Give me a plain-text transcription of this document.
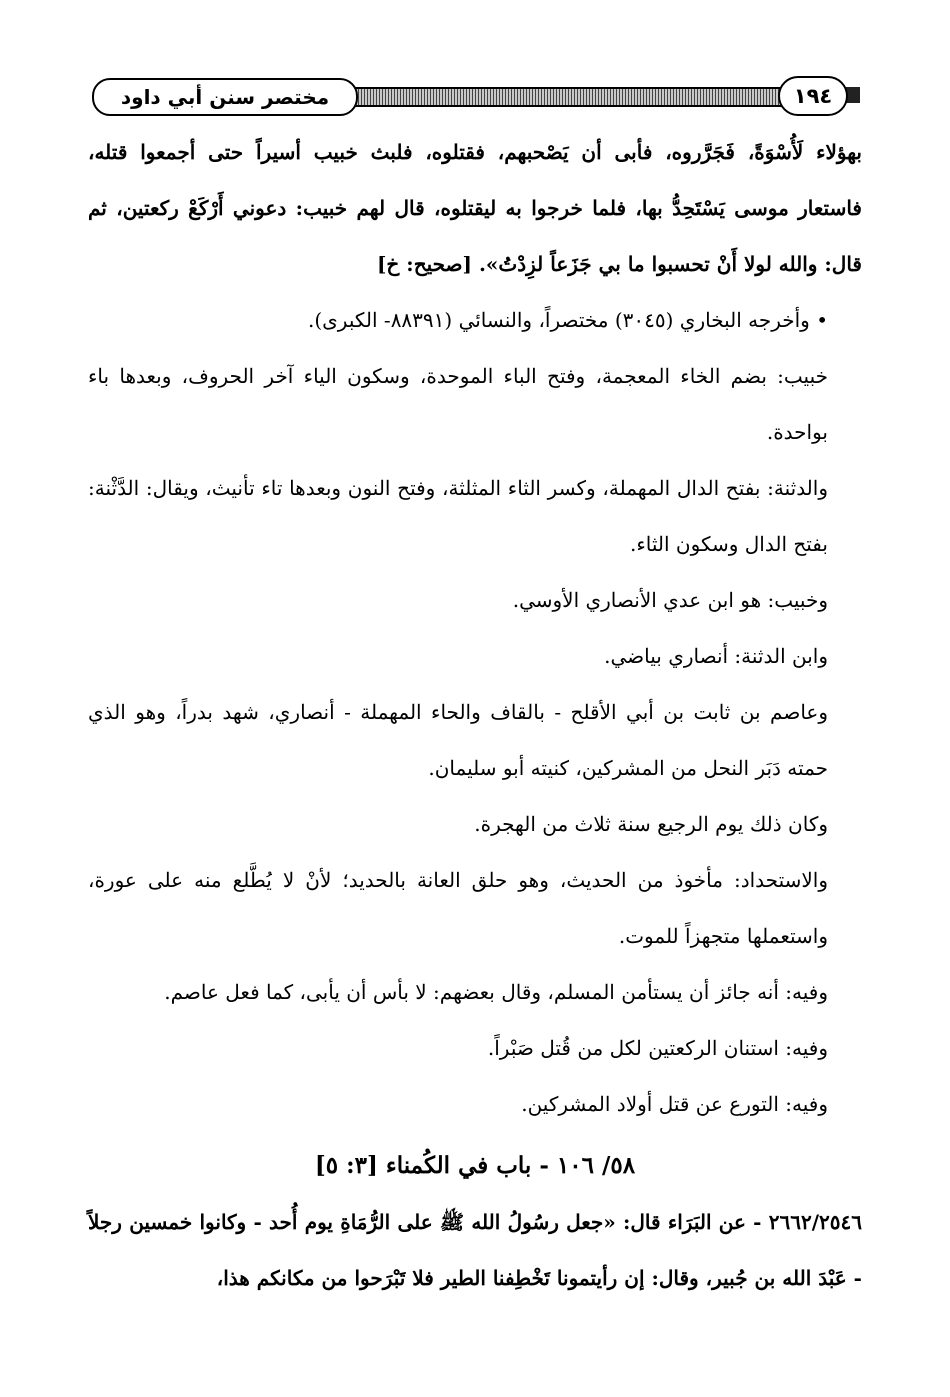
مختصر سنن أبي داود	١٩٤

بهؤلاء لَأُسْوَةً، فَجَرَّروه، فأبى أن يَصْحبهم، فقتلوه، فلبث خبيب أسيراً حتى أجمعوا قتله، فاستعار موسى يَسْتَحِدُّ بها، فلما خرجوا به ليقتلوه، قال لهم خبيب: دعوني أَرْكَعْ ركعتين، ثم قال: والله لولا أَنْ تحسبوا ما بي جَزَعاً لزِدْتُ». [صحيح: خ]

• وأخرجه البخاري (٣٠٤٥) مختصراً، والنسائي (٨٨٣٩١- الكبرى).

خبيب: بضم الخاء المعجمة، وفتح الباء الموحدة، وسكون الياء آخر الحروف، وبعدها باء بواحدة.

والدثنة: بفتح الدال المهملة، وكسر الثاء المثلثة، وفتح النون وبعدها تاء تأنيث، ويقال: الدَّثْنة: بفتح الدال وسكون الثاء.

وخبيب: هو ابن عدي الأنصاري الأوسي.

وابن الدثنة: أنصاري بياضي.

وعاصم بن ثابت بن أبي الأقلح - بالقاف والحاء المهملة - أنصاري، شهد بدراً، وهو الذي حمته دَبَر النحل من المشركين، كنيته أبو سليمان.

وكان ذلك يوم الرجيع سنة ثلاث من الهجرة.

والاستحداد: مأخوذ من الحديث، وهو حلق العانة بالحديد؛ لأنْ لا يُطَّلع منه على عورة، واستعملها متجهزاً للموت.

وفيه: أنه جائز أن يستأمن المسلم، وقال بعضهم: لا بأس أن يأبى، كما فعل عاصم.

وفيه: استنان الركعتين لكل من قُتل صَبْراً.

وفيه: التورع عن قتل أولاد المشركين.

٥٨/ ١٠٦ - باب في الكُمناء [٣: ٥]

٢٦٦٢/٢٥٤٦ - عن البَرَاء قال: «جعل رسُولُ الله ﷺ على الرُّمَاةِ يوم أُحد - وكانوا خمسين رجلاً - عَبْدَ الله بن جُبير، وقال: إن رأيتمونا تَخْطِفنا الطير فلا تَبْرَحوا من مكانكم هذا،
